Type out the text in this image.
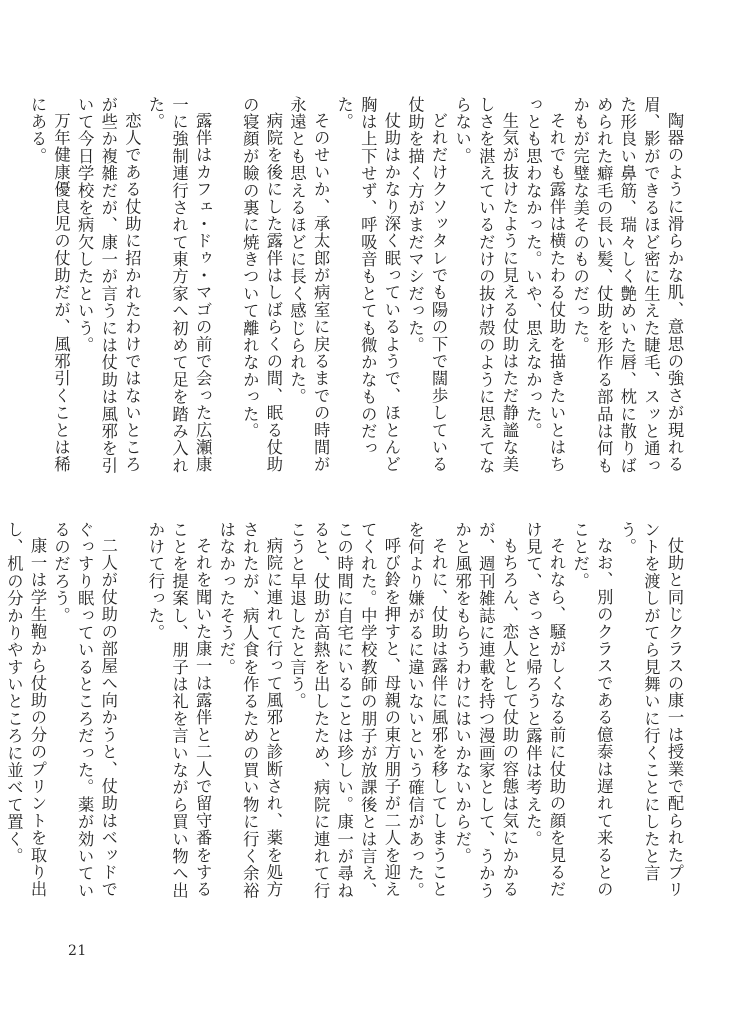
陶器のように滑らかな肌、意思の強さが現れる眉、影ができるほど密に生えた睫毛、スッと通った形良い鼻筋、瑞々しく艶めいた唇、枕に散りばめられた癖毛の長い髪、仗助を形作る部品は何もかもが完璧な美そのものだった。

それでも露伴は横たわる仗助を描きたいとはちっとも思わなかった。いや、思えなかった。

生気が抜けたように見える仗助はただ静謐な美しさを湛えているだけの抜け殻のように思えてならない。

どれだけクソッタレでも陽の下で闊歩している仗助を描く方がまだマシだった。

仗助はかなり深く眠っているようで、ほとんど胸は上下せず、呼吸音もとても微かなものだった。

そのせいか、承太郎が病室に戻るまでの時間が永遠とも思えるほどに長く感じられた。

病院を後にした露伴はしばらくの間、眠る仗助の寝顔が瞼の裏に焼きついて離れなかった。

露伴はカフェ・ドゥ・マゴの前で会った広瀬康一に強制連行されて東方家へ初めて足を踏み入れた。

恋人である仗助に招かれたわけではないところが些か複雑だが、康一が言うには仗助は風邪を引いて今日学校を病欠したという。

万年健康優良児の仗助だが、風邪引くことは稀にある。

仗助と同じクラスの康一は授業で配られたプリントを渡しがてら見舞いに行くことにしたと言う。

なお、別のクラスである億泰は遅れて来るとのことだ。

それなら、騒がしくなる前に仗助の顔を見るだけ見て、さっさと帰ろうと露伴は考えた。

もちろん、恋人として仗助の容態は気にかかるが、週刊雑誌に連載を持つ漫画家として、うかうかと風邪をもらうわけにはいかないからだ。

それに、仗助は露伴に風邪を移してしまうことを何より嫌がるに違いないという確信があった。

呼び鈴を押すと、母親の東方朋子が二人を迎えてくれた。中学校教師の朋子が放課後とは言え、この時間に自宅にいることは珍しい。康一が尋ねると、仗助が高熱を出したため、病院に連れて行こうと早退したと言う。

病院に連れて行って風邪と診断され、薬を処方されたが、病人食を作るための買い物に行く余裕はなかったそうだ。

それを聞いた康一は露伴と二人で留守番をすることを提案し、朋子は礼を言いながら買い物へ出かけて行った。

二人が仗助の部屋へ向かうと、仗助はベッドでぐっすり眠っているところだった。薬が効いているのだろう。

康一は学生鞄から仗助の分のプリントを取り出し、机の分かりやすいところに並べて置く。

21
